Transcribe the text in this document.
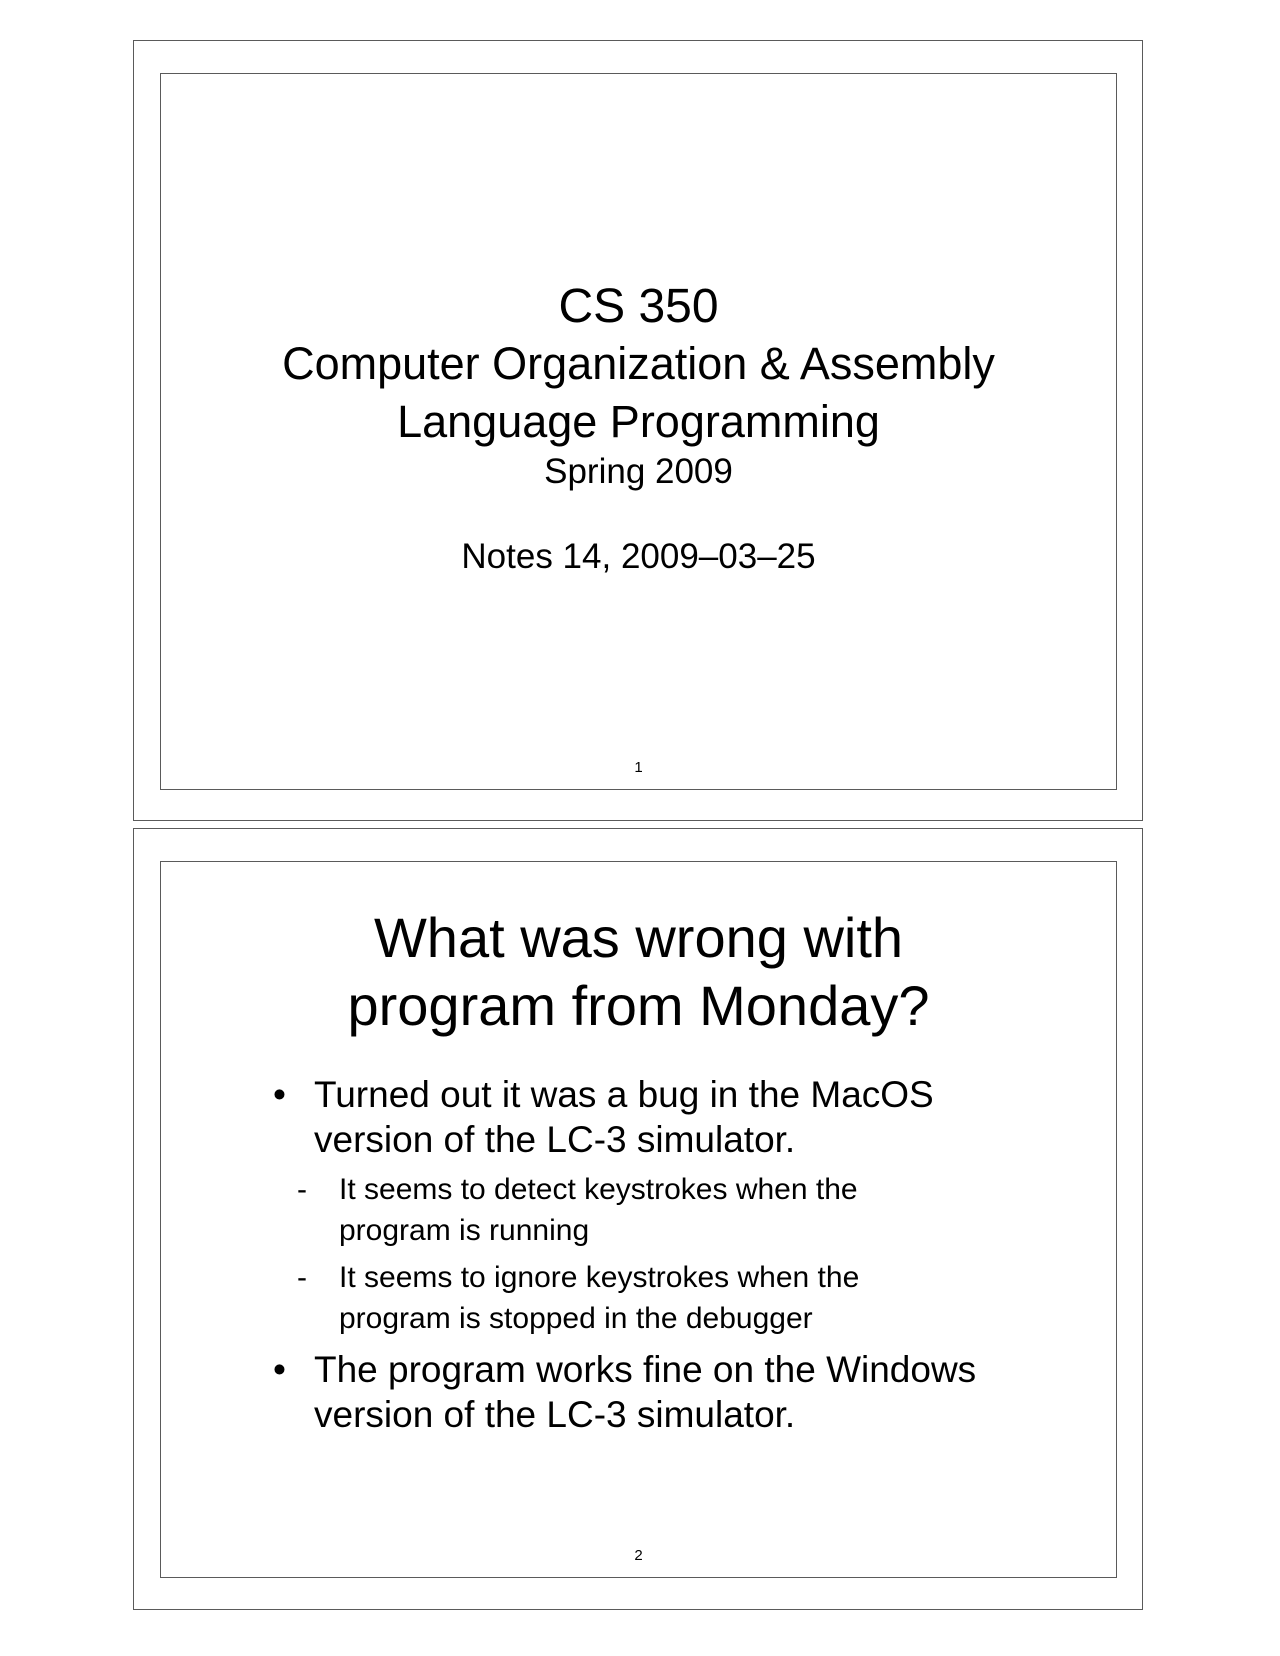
CS 350
Computer Organization & Assembly
Language Programming
Spring 2009
Notes 14, 2009–03–25
1
What was wrong with
program from Monday?
• Turned out it was a bug in the MacOS
version of the LC-3 simulator.
- It seems to detect keystrokes when the
program is running
- It seems to ignore keystrokes when the
program is stopped in the debugger
• The program works fine on the Windows
version of the LC-3 simulator.
2
